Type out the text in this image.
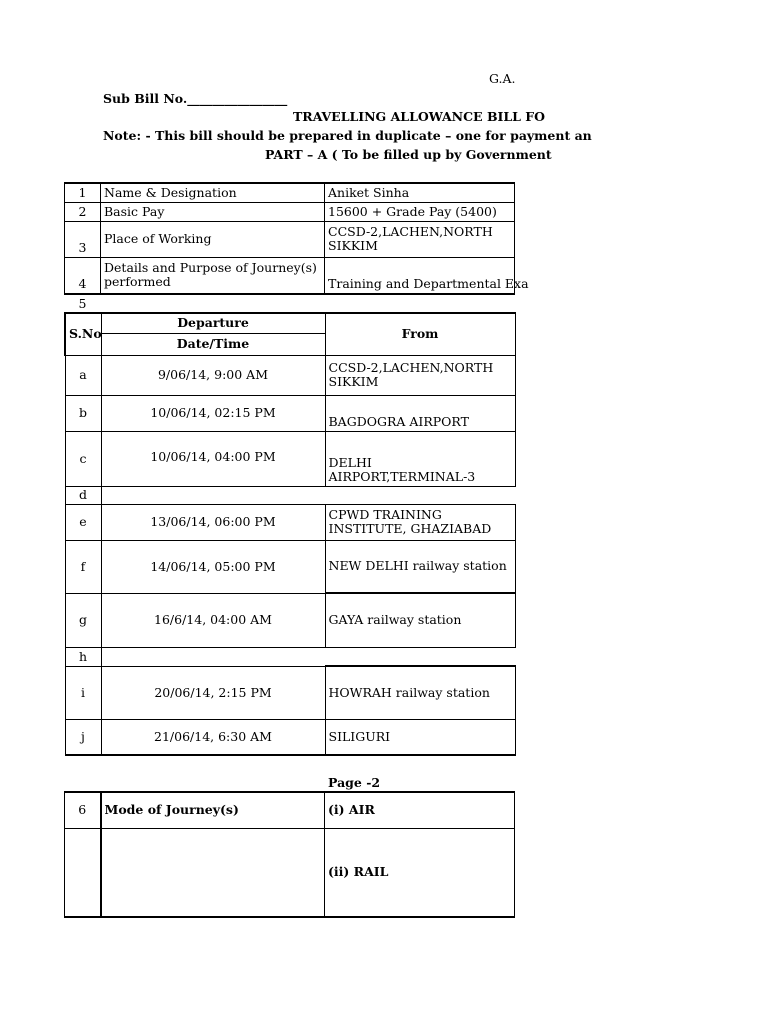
G.A.
Sub Bill No.________________
TRAVELLING ALLOWANCE BILL FO
Note: - This bill should be prepared in duplicate – one for payment an
PART – A ( To be filled up by Government
1	Name & Designation	Aniket Sinha
2	Basic Pay	15600 + Grade Pay (5400)
3	Place of Working	CCSD-2,LACHEN,NORTH SIKKIM
4	Details and Purpose of Journey(s) performed	Training and Departmental Exa
5		
S.No	Departure	From
	Date/Time	
a	9/06/14, 9:00 AM	CCSD-2,LACHEN,NORTH SIKKIM
b	10/06/14, 02:15 PM	BAGDOGRA AIRPORT
c	10/06/14, 04:00 PM	DELHI AIRPORT,TERMINAL-3
d		
e	13/06/14, 06:00 PM	CPWD TRAINING INSTITUTE, GHAZIABAD
f	14/06/14, 05:00 PM	NEW DELHI railway station
g	16/6/14, 04:00 AM	GAYA railway station
h		
i	20/06/14, 2:15 PM	HOWRAH railway station
j	21/06/14, 6:30 AM	SILIGURI
Page -2
6	Mode of Journey(s)	(i) AIR
		(ii) RAIL
